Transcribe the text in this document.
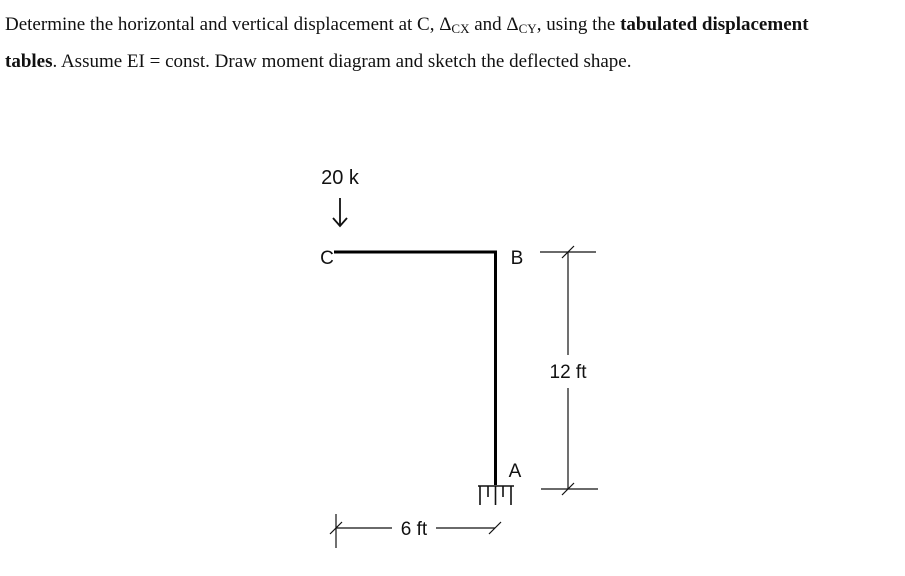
Determine the horizontal and vertical displacement at C, $\Delta_{CX}$ and $\Delta_{CY}$, using the tabulated displacement
tables. Assume EI = const. Draw moment diagram and sketch the deflected shape.

20 k
C	B
A
12 ft
6 ft
